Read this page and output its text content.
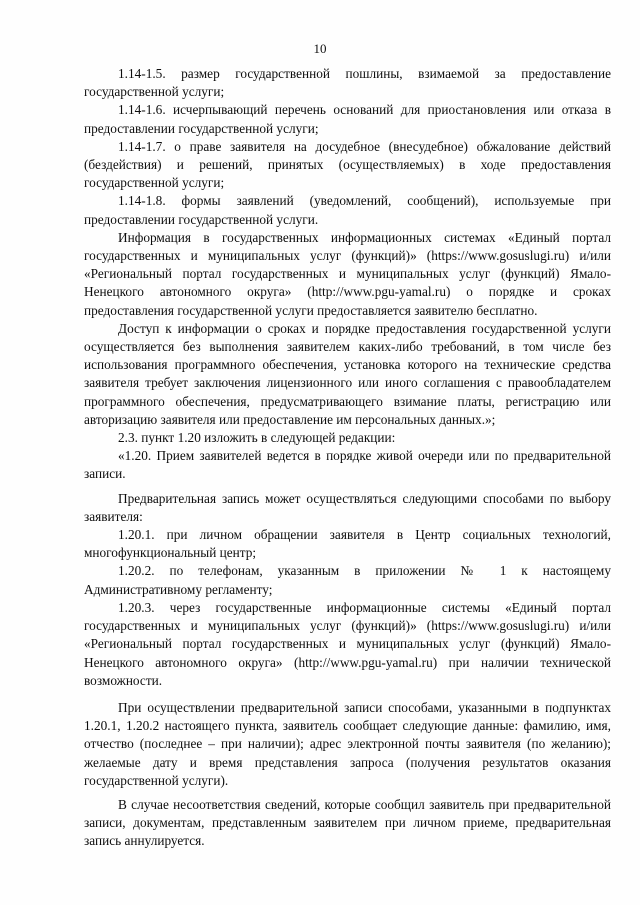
10

1.14-1.5. размер государственной пошлины, взимаемой за предоставление государственной услуги;

1.14-1.6. исчерпывающий перечень оснований для приостановления или отказа в предоставлении государственной услуги;

1.14-1.7. о праве заявителя на досудебное (внесудебное) обжалование действий (бездействия) и решений, принятых (осуществляемых) в ходе предоставления государственной услуги;

1.14-1.8. формы заявлений (уведомлений, сообщений), используемые при предоставлении государственной услуги.

Информация в государственных информационных системах «Единый портал государственных и муниципальных услуг (функций)» (https://www.gosuslugi.ru) и/или «Региональный портал государственных и муниципальных услуг (функций) Ямало-Ненецкого автономного округа» (http://www.pgu-yamal.ru) о порядке и сроках предоставления государственной услуги предоставляется заявителю бесплатно.

Доступ к информации о сроках и порядке предоставления государственной услуги осуществляется без выполнения заявителем каких-либо требований, в том числе без использования программного обеспечения, установка которого на технические средства заявителя требует заключения лицензионного или иного соглашения с правообладателем программного обеспечения, предусматривающего взимание платы, регистрацию или авторизацию заявителя или предоставление им персональных данных.»;

2.3. пункт 1.20 изложить в следующей редакции:

«1.20. Прием заявителей ведется в порядке живой очереди или по предварительной записи.

Предварительная запись может осуществляться следующими способами по выбору заявителя:

1.20.1. при личном обращении заявителя в Центр социальных технологий, многофункциональный центр;

1.20.2. по телефонам, указанным в приложении № 1 к настоящему Административному регламенту;

1.20.3. через государственные информационные системы «Единый портал государственных и муниципальных услуг (функций)» (https://www.gosuslugi.ru) и/или «Региональный портал государственных и муниципальных услуг (функций) Ямало-Ненецкого автономного округа» (http://www.pgu-yamal.ru) при наличии технической возможности.

При осуществлении предварительной записи способами, указанными в подпунктах 1.20.1, 1.20.2 настоящего пункта, заявитель сообщает следующие данные: фамилию, имя, отчество (последнее – при наличии); адрес электронной почты заявителя (по желанию); желаемые дату и время представления запроса (получения результатов оказания государственной услуги).

В случае несоответствия сведений, которые сообщил заявитель при предварительной записи, документам, представленным заявителем при личном приеме, предварительная запись аннулируется.
